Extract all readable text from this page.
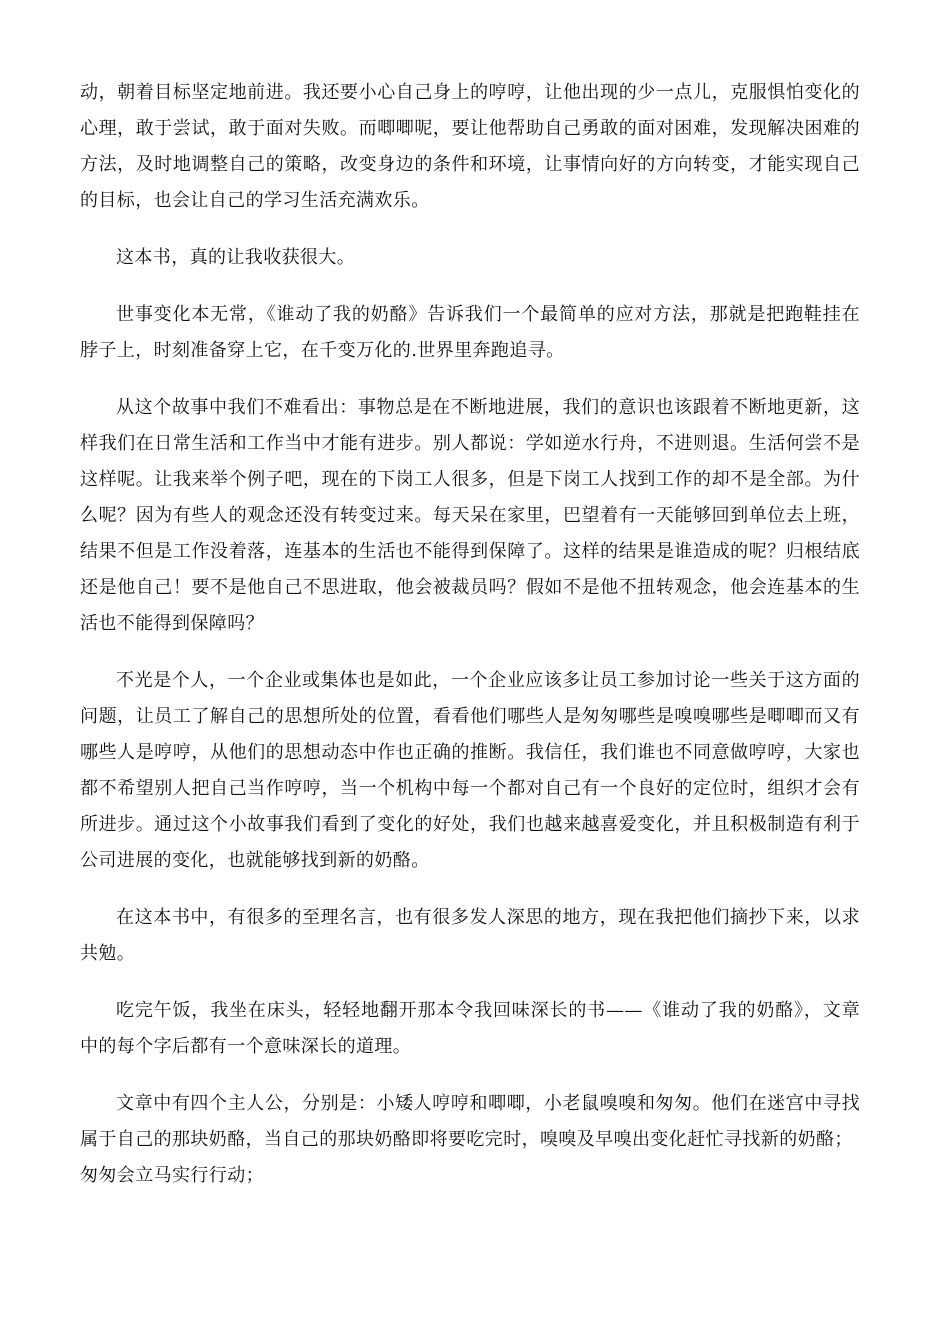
动，朝着目标坚定地前进。我还要小心自己身上的哼哼，让他出现的少一点儿，克服惧怕变化的心理，敢于尝试，敢于面对失败。而唧唧呢，要让他帮助自己勇敢的面对困难，发现解决困难的方法，及时地调整自己的策略，改变身边的条件和环境，让事情向好的方向转变，才能实现自己的目标，也会让自己的学习生活充满欢乐。

这本书，真的让我收获很大。

世事变化本无常，《谁动了我的奶酪》告诉我们一个最简单的应对方法，那就是把跑鞋挂在脖子上，时刻准备穿上它，在千变万化的.世界里奔跑追寻。

从这个故事中我们不难看出：事物总是在不断地进展，我们的意识也该跟着不断地更新，这样我们在日常生活和工作当中才能有进步。别人都说：学如逆水行舟，不进则退。生活何尝不是这样呢。让我来举个例子吧，现在的下岗工人很多，但是下岗工人找到工作的却不是全部。为什么呢？因为有些人的观念还没有转变过来。每天呆在家里，巴望着有一天能够回到单位去上班，结果不但是工作没着落，连基本的生活也不能得到保障了。这样的结果是谁造成的呢？归根结底还是他自己！要不是他自己不思进取，他会被裁员吗？假如不是他不扭转观念，他会连基本的生活也不能得到保障吗？

不光是个人，一个企业或集体也是如此，一个企业应该多让员工参加讨论一些关于这方面的问题，让员工了解自己的思想所处的位置，看看他们哪些人是匆匆哪些是嗅嗅哪些是唧唧而又有哪些人是哼哼，从他们的思想动态中作也正确的推断。我信任，我们谁也不同意做哼哼，大家也都不希望别人把自己当作哼哼，当一个机构中每一个都对自己有一个良好的定位时，组织才会有所进步。通过这个小故事我们看到了变化的好处，我们也越来越喜爱变化，并且积极制造有利于公司进展的变化，也就能够找到新的奶酪。

在这本书中，有很多的至理名言，也有很多发人深思的地方，现在我把他们摘抄下来，以求共勉。

吃完午饭，我坐在床头，轻轻地翻开那本令我回味深长的书——《谁动了我的奶酪》，文章中的每个字后都有一个意味深长的道理。

文章中有四个主人公，分别是：小矮人哼哼和唧唧，小老鼠嗅嗅和匆匆。他们在迷宫中寻找属于自己的那块奶酪，当自己的那块奶酪即将要吃完时，嗅嗅及早嗅出变化赶忙寻找新的奶酪；
匆匆会立马实行行动；
